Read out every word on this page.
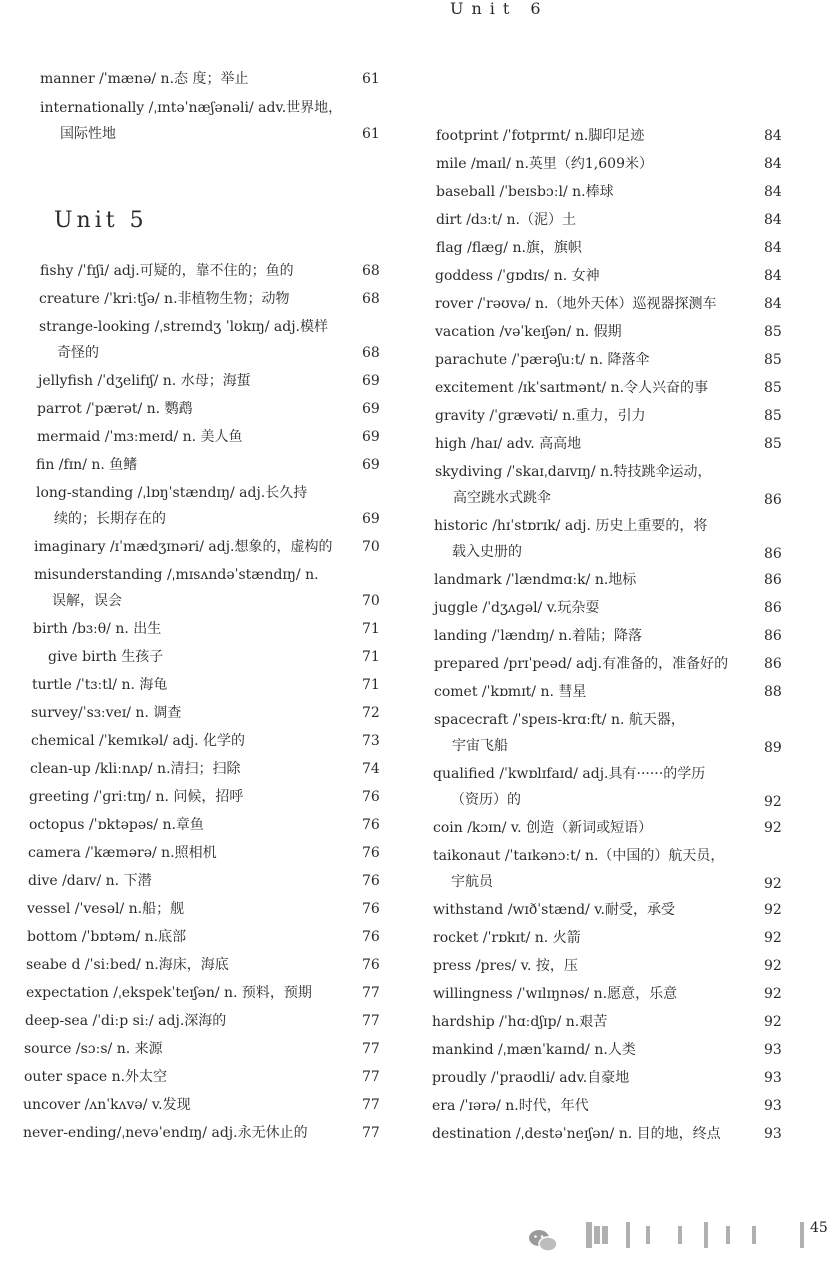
manner /ˈmænə/ n.态 度；举止	61
internationally /ˌɪntəˈnæʃənəli/ adv.世界地，
国际性地	61
Unit 5
fishy /ˈfɪʃi/ adj.可疑的，靠不住的；鱼的	68
creature /ˈkriːtʃə/ n.非植物生物；动物	68
strange-looking /ˌstreɪndʒ ˈlʊkɪŋ/ adj.模样
奇怪的	68
jellyfish /ˈdʒelifɪʃ/ n. 水母；海蜇	69
parrot /ˈpærət/ n. 鹦鹉	69
mermaid /ˈmɜːmeɪd/ n. 美人鱼	69
fin /fɪn/ n. 鱼鳍	69
long-standing /ˌlɒŋˈstændɪŋ/ adj.长久持
续的；长期存在的	69
imaginary /ɪˈmædʒɪnəri/ adj.想象的，虚构的 70
misunderstanding /ˌmɪsʌndəˈstændɪŋ/ n.
误解，误会	70
birth /bɜːθ/ n. 出生	71
give birth 生孩子	71
turtle /ˈtɜːtl/ n. 海龟	71
survey/ˈsɜːveɪ/ n. 调查	72
chemical /ˈkemɪkəl/ adj. 化学的	73
clean-up /kliːnʌp/ n.清扫；扫除	74
greeting /ˈɡriːtɪŋ/ n. 问候，招呼	76
octopus /ˈɒktəpəs/ n.章鱼	76
camera /ˈkæmərə/ n.照相机	76
dive /daɪv/ n. 下潜	76
vessel /ˈvesəl/ n.船；舰	76
bottom /ˈbɒtəm/ n.底部	76
seabe d /ˈsiːbed/ n.海床，海底	76
expectation /ˌekspekˈteɪʃən/ n. 预料，预期	77
deep-sea /ˈdiːp siː/ adj.深海的	77
source /sɔːs/ n. 来源	77
outer space n.外太空	77
uncover /ʌnˈkʌvə/ v.发现	77
never-ending/ˌnevəˈendɪŋ/ adj.永无休止的	77
Unit 6
footprint /ˈfʊtprɪnt/ n.脚印足迹	84
mile /maɪl/ n.英里（约1,609米）	84
baseball /ˈbeɪsbɔːl/ n.棒球	84
dirt /dɜːt/ n.（泥）土	84
flag /flæɡ/ n.旗，旗帜	84
goddess /ˈɡɒdɪs/ n. 女神	84
rover /ˈrəʊvə/ n.（地外天体）巡视器探测车	84
vacation /vəˈkeɪʃən/ n. 假期	85
parachute /ˈpærəʃuːt/ n. 降落伞	85
excitement /ɪkˈsaɪtmənt/ n.令人兴奋的事	85
gravity /ˈɡrævəti/ n.重力，引力	85
high /haɪ/ adv. 高高地	85
skydiving /ˈskaɪˌdaɪvɪŋ/ n.特技跳伞运动，
高空跳水式跳伞	86
historic /hɪˈstɒrɪk/ adj. 历史上重要的，将
载入史册的	86
landmark /ˈlændmɑːk/ n.地标	86
juggle /ˈdʒʌɡəl/ v.玩杂耍	86
landing /ˈlændɪŋ/ n.着陆；降落	86
prepared /prɪˈpeəd/ adj.有准备的，准备好的	86
comet /ˈkɒmɪt/ n. 彗星	88
spacecraft /ˈspeɪs-krɑːft/ n. 航天器，
宇宙飞船	89
qualified /ˈkwɒlɪfaɪd/ adj.具有······的学历
（资历）的	92
coin /kɔɪn/ v. 创造（新词或短语）	92
taikonaut /ˈtaɪkənɔːt/ n.（中国的）航天员，
宇航员	92
withstand /wɪðˈstænd/ v.耐受，承受	92
rocket /ˈrɒkɪt/ n. 火箭	92
press /pres/ v. 按，压	92
willingness /ˈwɪlɪŋnəs/ n.愿意，乐意	92
hardship /ˈhɑːdʃɪp/ n.艰苦	92
mankind /ˌmænˈkaɪnd/ n.人类	93
proudly /ˈpraʊdli/ adv.自豪地	93
era /ˈɪərə/ n.时代，年代	93
destination /ˌdestəˈneɪʃən/ n. 目的地，终点	93
45
